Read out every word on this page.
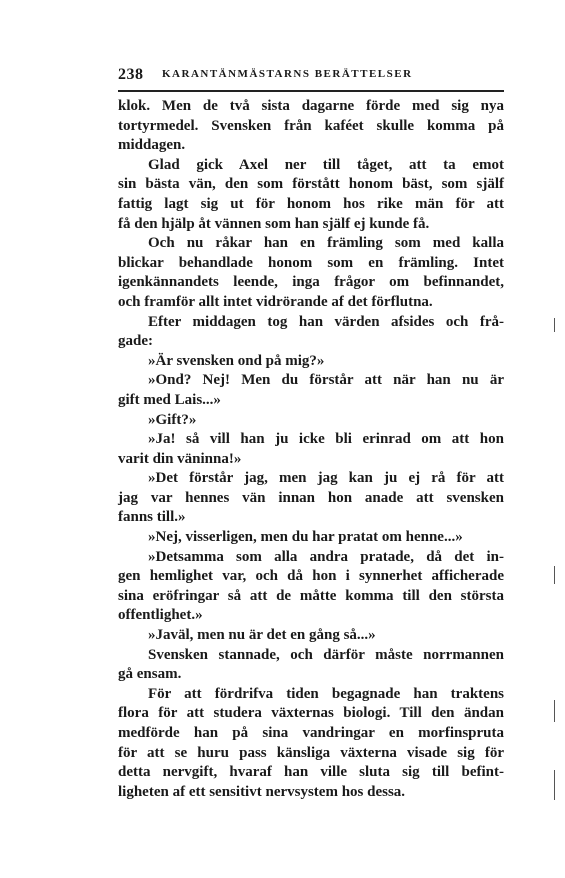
238 KARANTÄNMÄSTARNS BERÄTTELSER
klok. Men de två sista dagarne förde med sig nya
tortyrmedel. Svensken från kaféet skulle komma på
middagen.
Glad gick Axel ner till tåget, att ta emot
sin bästa vän, den som förstått honom bäst, som själf
fattig lagt sig ut för honom hos rike män för att
få den hjälp åt vännen som han själf ej kunde få.
Och nu råkar han en främling som med kalla
blickar behandlade honom som en främling. Intet
igenkännandets leende, inga frågor om befinnandet,
och framför allt intet vidrörande af det förflutna.
Efter middagen tog han värden afsides och frå-
gade:
»Är svensken ond på mig?»
»Ond? Nej! Men du förstår att när han nu är
gift med Lais...»
»Gift?»
»Ja! så vill han ju icke bli erinrad om att hon
varit din väninna!»
»Det förstår jag, men jag kan ju ej rå för att
jag var hennes vän innan hon anade att svensken
fanns till.»
»Nej, visserligen, men du har pratat om henne...»
»Detsamma som alla andra pratade, då det in-
gen hemlighet var, och då hon i synnerhet afficherade
sina eröfringar så att de måtte komma till den största
offentlighet.»
»Javäl, men nu är det en gång så...»
Svensken stannade, och därför måste norrmannen
gå ensam.
För att fördrifva tiden begagnade han traktens
flora för att studera växternas biologi. Till den ändan
medförde han på sina vandringar en morfinspruta
för att se huru pass känsliga växterna visade sig för
detta nervgift, hvaraf han ville sluta sig till befint-
ligheten af ett sensitivt nervsystem hos dessa.
